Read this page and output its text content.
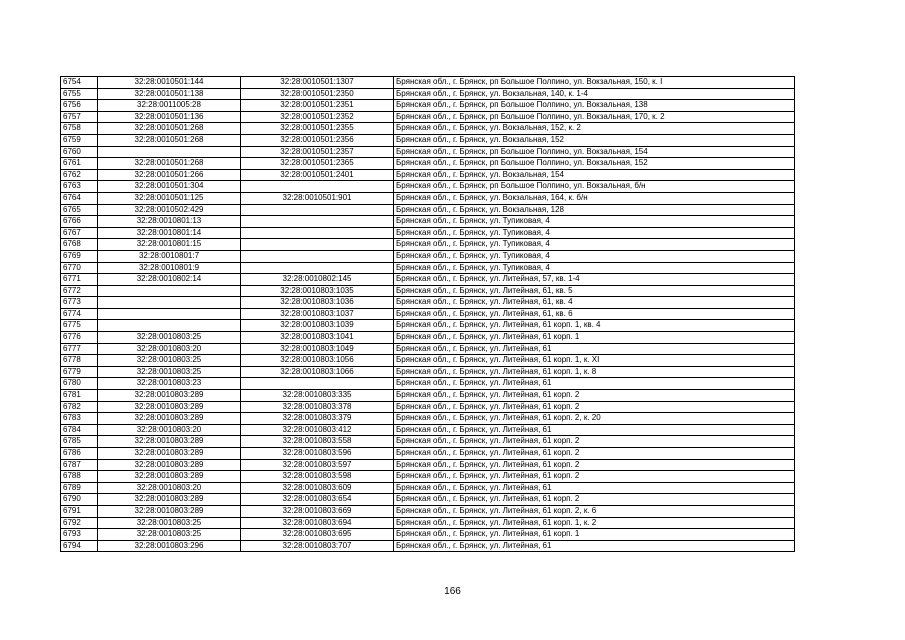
6754	32:28:0010501:144	32:28:0010501:1307	Брянская обл., г. Брянск, рп Большое Полпино, ул. Вокзальная, 150, к. I
6755	32:28:0010501:138	32:28:0010501:2350	Брянская обл., г. Брянск, ул. Вокзальная, 140, к. 1-4
6756	32:28:0011005:28	32:28:0010501:2351	Брянская обл., г. Брянск, рп Большое Полпино, ул. Вокзальная, 138
6757	32:28:0010501:136	32:28:0010501:2352	Брянская обл., г. Брянск, рп Большое Полпино, ул. Вокзальная, 170, к. 2
6758	32:28:0010501:268	32:28:0010501:2355	Брянская обл., г. Брянск, ул. Вокзальная, 152, к. 2
6759	32:28:0010501:268	32:28:0010501:2356	Брянская обл., г. Брянск, ул. Вокзальная, 152
6760		32:28:0010501:2357	Брянская обл., г. Брянск, рп Большое Полпино, ул. Вокзальная, 154
6761	32:28:0010501:268	32:28:0010501:2365	Брянская обл., г. Брянск, рп Большое Полпино, ул. Вокзальная, 152
6762	32:28:0010501:266	32:28:0010501:2401	Брянская обл., г. Брянск, ул. Вокзальная, 154
6763	32:28:0010501:304		Брянская обл., г. Брянск, рп Большое Полпино, ул. Вокзальная, б/н
6764	32:28:0010501:125	32:28:0010501:901	Брянская обл., г. Брянск, ул. Вокзальная, 164, к. б/н
6765	32:28:0010502:429		Брянская обл., г. Брянск, ул. Вокзальная, 128
6766	32:28:0010801:13		Брянская обл., г. Брянск, ул. Тупиковая, 4
6767	32:28:0010801:14		Брянская обл., г. Брянск, ул. Тупиковая, 4
6768	32:28:0010801:15		Брянская обл., г. Брянск, ул. Тупиковая, 4
6769	32:28:0010801:7		Брянская обл., г. Брянск, ул. Тупиковая, 4
6770	32:28:0010801:9		Брянская обл., г. Брянск, ул. Тупиковая, 4
6771	32:28:0010802:14	32:28:0010802:145	Брянская обл., г. Брянск, ул. Литейная, 57, кв. 1-4
6772		32:28:0010803:1035	Брянская обл., г. Брянск, ул. Литейная, 61, кв. 5
6773		32:28:0010803:1036	Брянская обл., г. Брянск, ул. Литейная, 61, кв. 4
6774		32:28:0010803:1037	Брянская обл., г. Брянск, ул. Литейная, 61, кв. 6
6775		32:28:0010803:1039	Брянская обл., г. Брянск, ул. Литейная, 61 корп. 1, кв. 4
6776	32:28:0010803:25	32:28:0010803:1041	Брянская обл., г. Брянск, ул. Литейная, 61 корп. 1
6777	32:28:0010803:20	32:28:0010803:1049	Брянская обл., г. Брянск, ул. Литейная, 61
6778	32:28:0010803:25	32:28:0010803:1056	Брянская обл., г. Брянск, ул. Литейная, 61 корп. 1, к. XI
6779	32:28:0010803:25	32:28:0010803:1066	Брянская обл., г. Брянск, ул. Литейная, 61 корп. 1, к. 8
6780	32:28:0010803:23		Брянская обл., г. Брянск, ул. Литейная, 61
6781	32:28:0010803:289	32:28:0010803:335	Брянская обл., г. Брянск, ул. Литейная, 61 корп. 2
6782	32:28:0010803:289	32:28:0010803:378	Брянская обл., г. Брянск, ул. Литейная, 61 корп. 2
6783	32:28:0010803:289	32:28:0010803:379	Брянская обл., г. Брянск, ул. Литейная, 61 корп. 2, к. 20
6784	32:28:0010803:20	32:28:0010803:412	Брянская обл., г. Брянск, ул. Литейная, 61
6785	32:28:0010803:289	32:28:0010803:558	Брянская обл., г. Брянск, ул. Литейная, 61 корп. 2
6786	32:28:0010803:289	32:28:0010803:596	Брянская обл., г. Брянск, ул. Литейная, 61 корп. 2
6787	32:28:0010803:289	32:28:0010803:597	Брянская обл., г. Брянск, ул. Литейная, 61 корп. 2
6788	32:28:0010803:289	32:28:0010803:598	Брянская обл., г. Брянск, ул. Литейная, 61 корп. 2
6789	32:28:0010803:20	32:28:0010803:609	Брянская обл., г. Брянск, ул. Литейная, 61
6790	32:28:0010803:289	32:28:0010803:654	Брянская обл., г. Брянск, ул. Литейная, 61 корп. 2
6791	32:28:0010803:289	32:28:0010803:669	Брянская обл., г. Брянск, ул. Литейная, 61 корп. 2, к. 6
6792	32:28:0010803:25	32:28:0010803:694	Брянская обл., г. Брянск, ул. Литейная, 61 корп. 1, к. 2
6793	32:28:0010803:25	32:28:0010803:695	Брянская обл., г. Брянск, ул. Литейная, 61 корп. 1
6794	32:28:0010803:296	32:28:0010803:707	Брянская обл., г. Брянск, ул. Литейная, 61
166
